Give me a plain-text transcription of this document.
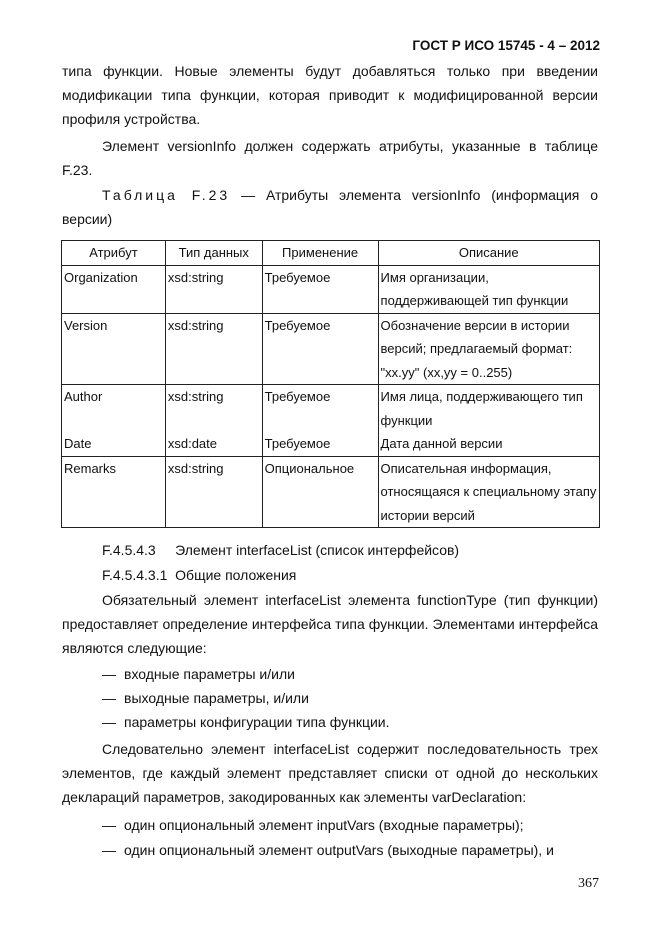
ГОСТ Р ИСО 15745 - 4 – 2012
типа функции. Новые элементы будут добавляться только при введении модификации типа функции, которая приводит к модифицированной версии профиля устройства.
Элемент versionInfo должен содержать атрибуты, указанные в таблице F.23.
Таблица F.23 — Атрибуты элемента versionInfo (информация о версии)
Атрибут	Тип данных	Применение	Описание
Organization	xsd:string	Требуемое	Имя организации, поддерживающей тип функции
Version	xsd:string	Требуемое	Обозначение версии в истории версий; предлагаемый формат: "xx.yy" (xx,yy = 0..255)
Author	xsd:string	Требуемое	Имя лица, поддерживающего тип функции
Date	xsd:date	Требуемое	Дата данной версии
Remarks	xsd:string	Опциональное	Описательная информация, относящаяся к специальному этапу истории версий
F.4.5.4.3     Элемент interfaceList (список интерфейсов)
F.4.5.4.3.1  Общие положения
Обязательный элемент interfaceList элемента functionType (тип функции) предоставляет определение интерфейса типа функции. Элементами интерфейса являются следующие:
— входные параметры и/или
— выходные параметры, и/или
— параметры конфигурации типа функции.
Следовательно элемент interfaceList содержит последовательность трех элементов, где каждый элемент представляет списки от одной до нескольких деклараций параметров, закодированных как элементы varDeclaration:
— один опциональный элемент inputVars (входные параметры);
— один опциональный элемент outputVars (выходные параметры), и
367
